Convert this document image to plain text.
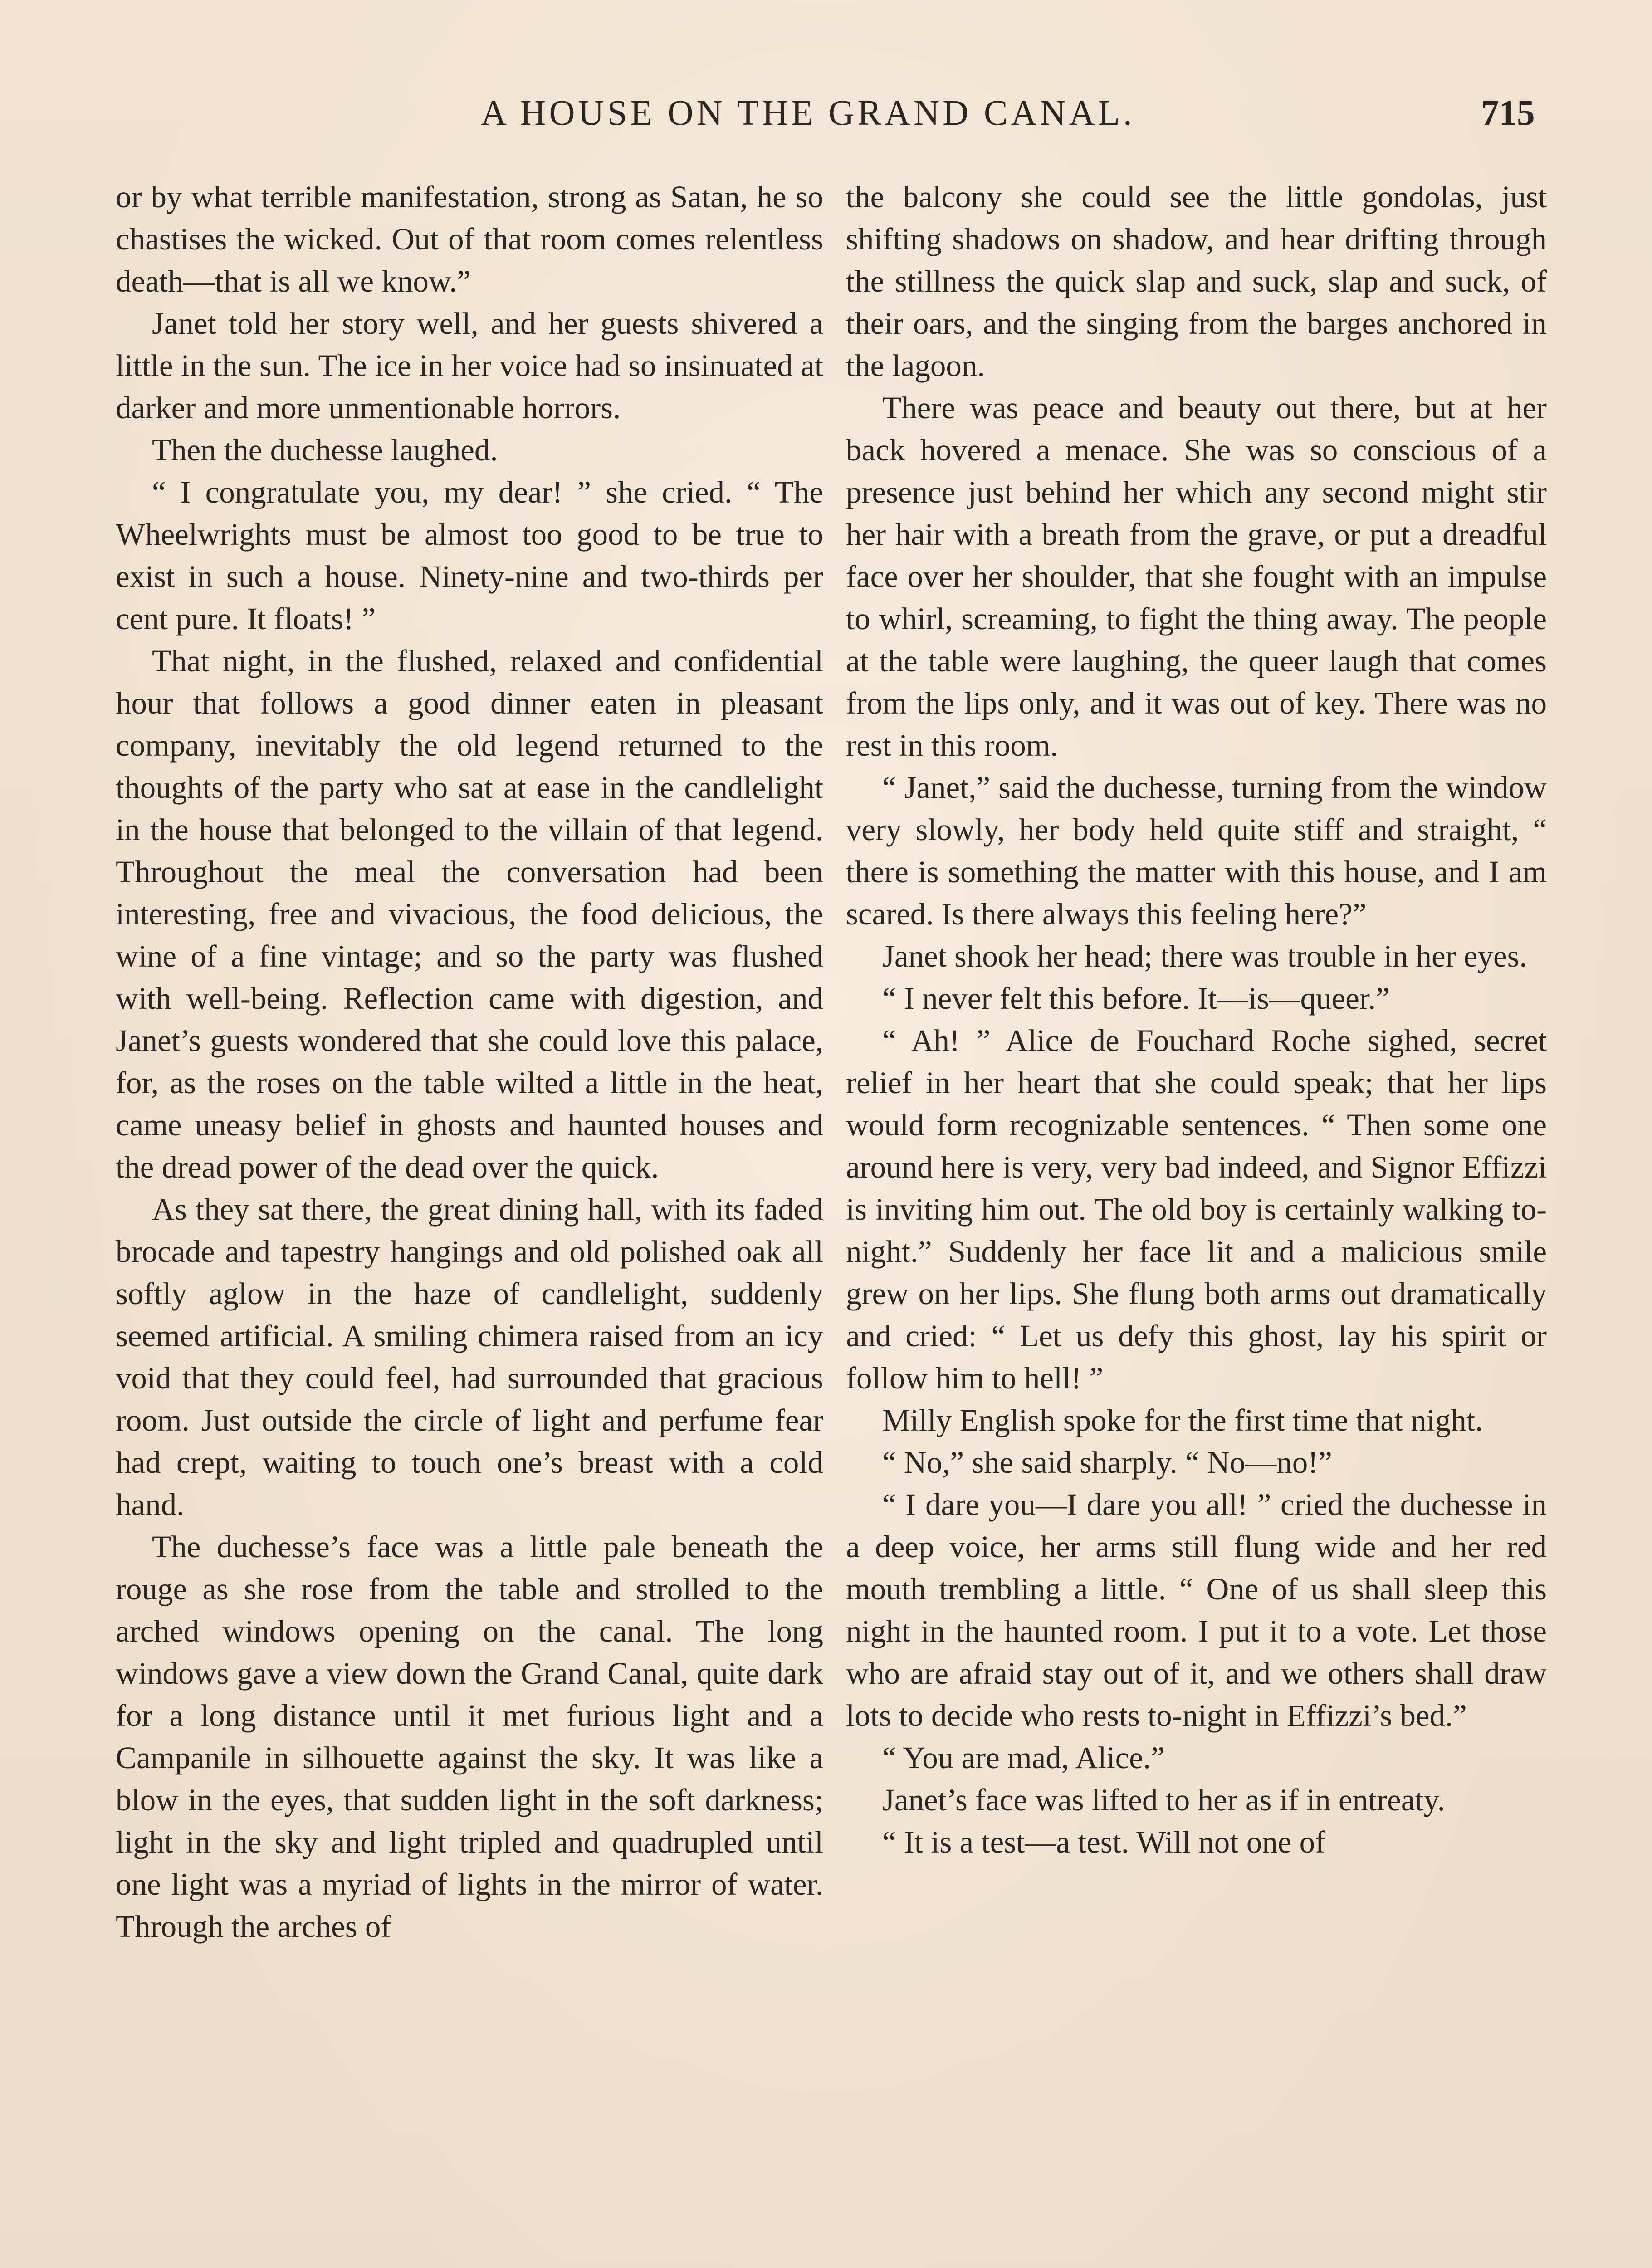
A HOUSE ON THE GRAND CANAL.	715

or by what terrible manifestation, strong as Satan, he so chastises the wicked. Out of that room comes relentless death—that is all we know.”

Janet told her story well, and her guests shivered a little in the sun. The ice in her voice had so insinuated at darker and more unmentionable horrors.

Then the duchesse laughed.

“ I congratulate you, my dear! ” she cried. “ The Wheelwrights must be almost too good to be true to exist in such a house. Ninety-nine and two-thirds per cent pure. It floats! ”

That night, in the flushed, relaxed and confidential hour that follows a good dinner eaten in pleasant company, inevitably the old legend returned to the thoughts of the party who sat at ease in the candlelight in the house that belonged to the villain of that legend. Throughout the meal the conversation had been interesting, free and vivacious, the food delicious, the wine of a fine vintage; and so the party was flushed with well-being. Reflection came with digestion, and Janet’s guests wondered that she could love this palace, for, as the roses on the table wilted a little in the heat, came uneasy belief in ghosts and haunted houses and the dread power of the dead over the quick.

As they sat there, the great dining hall, with its faded brocade and tapestry hangings and old polished oak all softly aglow in the haze of candlelight, suddenly seemed artificial. A smiling chimera raised from an icy void that they could feel, had surrounded that gracious room. Just outside the circle of light and perfume fear had crept, waiting to touch one’s breast with a cold hand.

The duchesse’s face was a little pale beneath the rouge as she rose from the table and strolled to the arched windows opening on the canal. The long windows gave a view down the Grand Canal, quite dark for a long distance until it met furious light and a Campanile in silhouette against the sky. It was like a blow in the eyes, that sudden light in the soft darkness; light in the sky and light tripled and quadrupled until one light was a myriad of lights in the mirror of water. Through the arches of

the balcony she could see the little gondolas, just shifting shadows on shadow, and hear drifting through the stillness the quick slap and suck, slap and suck, of their oars, and the singing from the barges anchored in the lagoon.

There was peace and beauty out there, but at her back hovered a menace. She was so conscious of a presence just behind her which any second might stir her hair with a breath from the grave, or put a dreadful face over her shoulder, that she fought with an impulse to whirl, screaming, to fight the thing away. The people at the table were laughing, the queer laugh that comes from the lips only, and it was out of key. There was no rest in this room.

“ Janet,” said the duchesse, turning from the window very slowly, her body held quite stiff and straight, “ there is something the matter with this house, and I am scared. Is there always this feeling here?”

Janet shook her head; there was trouble in her eyes.

“ I never felt this before. It—is—queer.”

“ Ah! ” Alice de Fouchard Roche sighed, secret relief in her heart that she could speak; that her lips would form recognizable sentences. “ Then some one around here is very, very bad indeed, and Signor Effizzi is inviting him out. The old boy is certainly walking to-night.” Suddenly her face lit and a malicious smile grew on her lips. She flung both arms out dramatically and cried: “ Let us defy this ghost, lay his spirit or follow him to hell! ”

Milly English spoke for the first time that night.

“ No,” she said sharply. “ No—no!”

“ I dare you—I dare you all! ” cried the duchesse in a deep voice, her arms still flung wide and her red mouth trembling a little. “ One of us shall sleep this night in the haunted room. I put it to a vote. Let those who are afraid stay out of it, and we others shall draw lots to decide who rests to-night in Effizzi’s bed.”

“ You are mad, Alice.”

Janet’s face was lifted to her as if in entreaty.

“ It is a test—a test. Will not one of
